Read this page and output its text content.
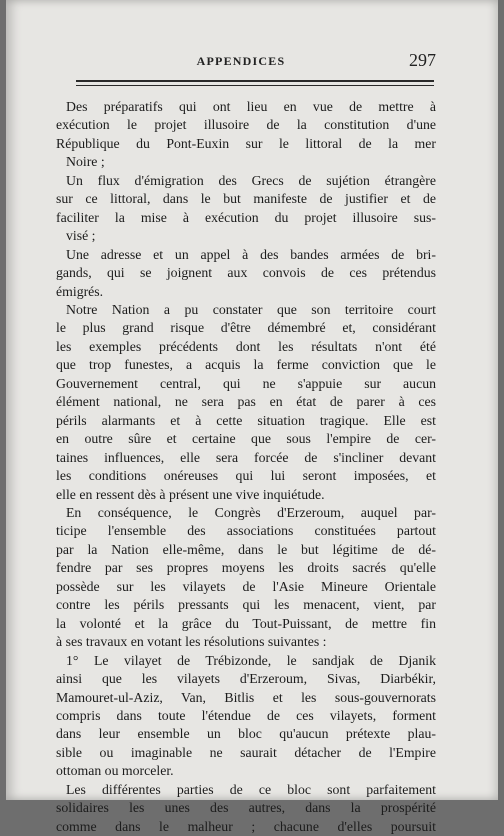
APPENDICES	297
Des préparatifs qui ont lieu en vue de mettre à
exécution le projet illusoire de la constitution d'une
République du Pont-Euxin sur le littoral de la mer
Noire ;
Un flux d'émigration des Grecs de sujétion étrangère
sur ce littoral, dans le but manifeste de justifier et de
faciliter la mise à exécution du projet illusoire sus-
visé ;
Une adresse et un appel à des bandes armées de bri-
gands, qui se joignent aux convois de ces prétendus
émigrés.
Notre Nation a pu constater que son territoire court
le plus grand risque d'être démembré et, considérant
les exemples précédents dont les résultats n'ont été
que trop funestes, a acquis la ferme conviction que le
Gouvernement central, qui ne s'appuie sur aucun
élément national, ne sera pas en état de parer à ces
périls alarmants et à cette situation tragique. Elle est
en outre sûre et certaine que sous l'empire de cer-
taines influences, elle sera forcée de s'incliner devant
les conditions onéreuses qui lui seront imposées, et
elle en ressent dès à présent une vive inquiétude.
En conséquence, le Congrès d'Erzeroum, auquel par-
ticipe l'ensemble des associations constituées partout
par la Nation elle-même, dans le but légitime de dé-
fendre par ses propres moyens les droits sacrés qu'elle
possède sur les vilayets de l'Asie Mineure Orientale
contre les périls pressants qui les menacent, vient, par
la volonté et la grâce du Tout-Puissant, de mettre fin
à ses travaux en votant les résolutions suivantes :
1° Le vilayet de Trébizonde, le sandjak de Djanik
ainsi que les vilayets d'Erzeroum, Sivas, Diarbékir,
Mamouret-ul-Aziz, Van, Bitlis et les sous-gouvernorats
compris dans toute l'étendue de ces vilayets, forment
dans leur ensemble un bloc qu'aucun prétexte plau-
sible ou imaginable ne saurait détacher de l'Empire
ottoman ou morceler.
Les différentes parties de ce bloc sont parfaitement
solidaires les unes des autres, dans la prospérité
comme dans le malheur ; chacune d'elles poursuit
